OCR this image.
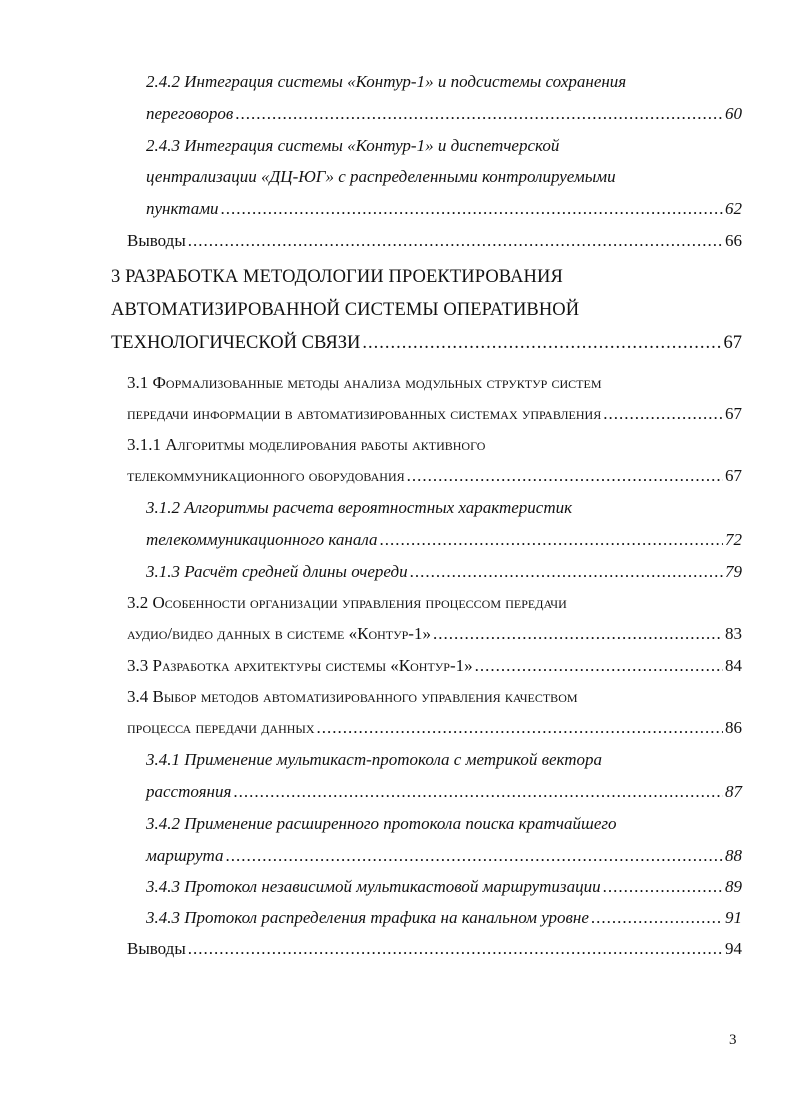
2.4.2 Интеграция системы «Контур-1» и подсистемы сохранения
переговоров .....	60
2.4.3 Интеграция системы «Контур-1» и диспетчерской
централизации «ДЦ-ЮГ» с распределенными контролируемыми
пунктами .....	62
Выводы .....	66
3 РАЗРАБОТКА МЕТОДОЛОГИИ ПРОЕКТИРОВАНИЯ
АВТОМАТИЗИРОВАННОЙ СИСТЕМЫ ОПЕРАТИВНОЙ
ТЕХНОЛОГИЧЕСКОЙ СВЯЗИ .....	67
3.1 Формализованные методы анализа модульных структур систем
передачи информации в автоматизированных системах управления .....	67
3.1.1 Алгоритмы моделирования работы активного
телекоммуникационного оборудования .....	67
3.1.2 Алгоритмы расчета вероятностных характеристик
телекоммуникационного канала .....	72
3.1.3 Расчёт средней длины очереди .....	79
3.2 Особенности организации управления процессом передачи
аудио/видео данных в системе «Контур-1» .....	83
3.3 Разработка архитектуры системы «Контур-1» .....	84
3.4 Выбор методов автоматизированного управления качеством
процесса передачи данных .....	86
3.4.1 Применение мультикаст-протокола с метрикой вектора
расстояния .....	87
3.4.2 Применение расширенного протокола поиска кратчайшего
маршрута .....	88
3.4.3 Протокол независимой мультикастовой маршрутизации .....	89
3.4.3 Протокол распределения трафика на канальном уровне .....	91
Выводы .....	94
3
